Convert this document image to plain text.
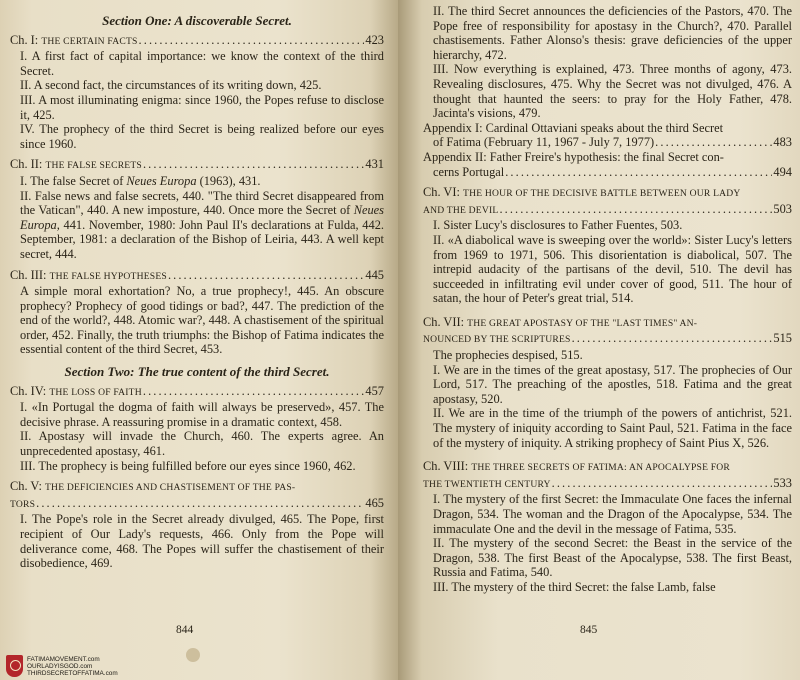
Section One: A discoverable Secret.
Ch. I: THE CERTAIN FACTS . . .	423
I. A first fact of capital importance: we know the context of the third Secret.
II. A second fact, the circumstances of its writing down, 425.
III. A most illuminating enigma: since 1960, the Popes refuse to disclose it, 425.
IV. The prophecy of the third Secret is being realized before our eyes since 1960.
Ch. II: THE FALSE SECRETS . . .	431
I. The false Secret of Neues Europa (1963), 431.
II. False news and false secrets, 440. "The third Secret disappeared from the Vatican", 440. A new imposture, 440. Once more the Secret of Neues Europa, 441. November, 1980: John Paul II's declarations at Fulda, 442. September, 1981: a declaration of the Bishop of Leiria, 443. A well kept secret, 444.
Ch. III: THE FALSE HYPOTHESES . . .	445
A simple moral exhortation? No, a true prophecy!, 445. An obscure prophecy? Prophecy of good tidings or bad?, 447. The prediction of the end of the world?, 448. Atomic war?, 448. A chastisement of the spiritual order, 452. Finally, the truth triumphs: the Bishop of Fatima indicates the essential content of the third Secret, 453.
Section Two: The true content of the third Secret.
Ch. IV: THE LOSS OF FAITH . . .	457
I. «In Portugal the dogma of faith will always be preserved», 457. The decisive phrase. A reassuring promise in a dramatic context, 458.
II. Apostasy will invade the Church, 460. The experts agree. An unprecedented apostasy, 461.
III. The prophecy is being fulfilled before our eyes since 1960, 462.
Ch. V: THE DEFICIENCIES AND CHASTISEMENT OF THE PAS-
TORS . . .	465
I. The Pope's role in the Secret already divulged, 465. The Pope, first recipient of Our Lady's requests, 466. Only from the Pope will deliverance come, 468. The Popes will suffer the chastisement of their disobedience, 469.
844
FATIMAMOVEMENT.com
OURLADYISGOD.com
THIRDSECRETOFFATIMA.com
II. The third Secret announces the deficiencies of the Pastors, 470. The Pope free of responsibility for apostasy in the Church?, 470. Parallel chastisements. Father Alonso's thesis: grave deficiencies of the upper hierarchy, 472.
III. Now everything is explained, 473. Three months of agony, 473. Revealing disclosures, 475. Why the Secret was not divulged, 476. A thought that haunted the seers: to pray for the Holy Father, 478. Jacinta's visions, 479.
Appendix I: Cardinal Ottaviani speaks about the third Secret
of Fatima (February 11, 1967 - July 7, 1977) . . .	483
Appendix II: Father Freire's hypothesis: the final Secret con-
cerns Portugal . . .	494
Ch. VI: THE HOUR OF THE DECISIVE BATTLE BETWEEN OUR LADY
AND THE DEVIL . . .	503
I. Sister Lucy's disclosures to Father Fuentes, 503.
II. «A diabolical wave is sweeping over the world»: Sister Lucy's letters from 1969 to 1971, 506. This disorientation is diabolical, 507. The intrepid audacity of the partisans of the devil, 510. The devil has succeeded in infiltrating evil under cover of good, 511. The hour of satan, the hour of Peter's great trial, 514.
Ch. VII: THE GREAT APOSTASY OF THE "LAST TIMES" AN-
NOUNCED BY THE SCRIPTURES . . .	515
The prophecies despised, 515.
I. We are in the times of the great apostasy, 517. The prophecies of Our Lord, 517. The preaching of the apostles, 518. Fatima and the great apostasy, 520.
II. We are in the time of the triumph of the powers of antichrist, 521. The mystery of iniquity according to Saint Paul, 521. Fatima in the face of the mystery of iniquity. A striking prophecy of Saint Pius X, 526.
Ch. VIII: THE THREE SECRETS OF FATIMA: AN APOCALYPSE FOR
THE TWENTIETH CENTURY . . .	533
I. The mystery of the first Secret: the Immaculate One faces the infernal Dragon, 534. The woman and the Dragon of the Apocalypse, 534. The immaculate One and the devil in the message of Fatima, 535.
II. The mystery of the second Secret: the Beast in the service of the Dragon, 538. The first Beast of the Apocalypse, 538. The first Beast, Russia and Fatima, 540.
III. The mystery of the third Secret: the false Lamb, false
845
